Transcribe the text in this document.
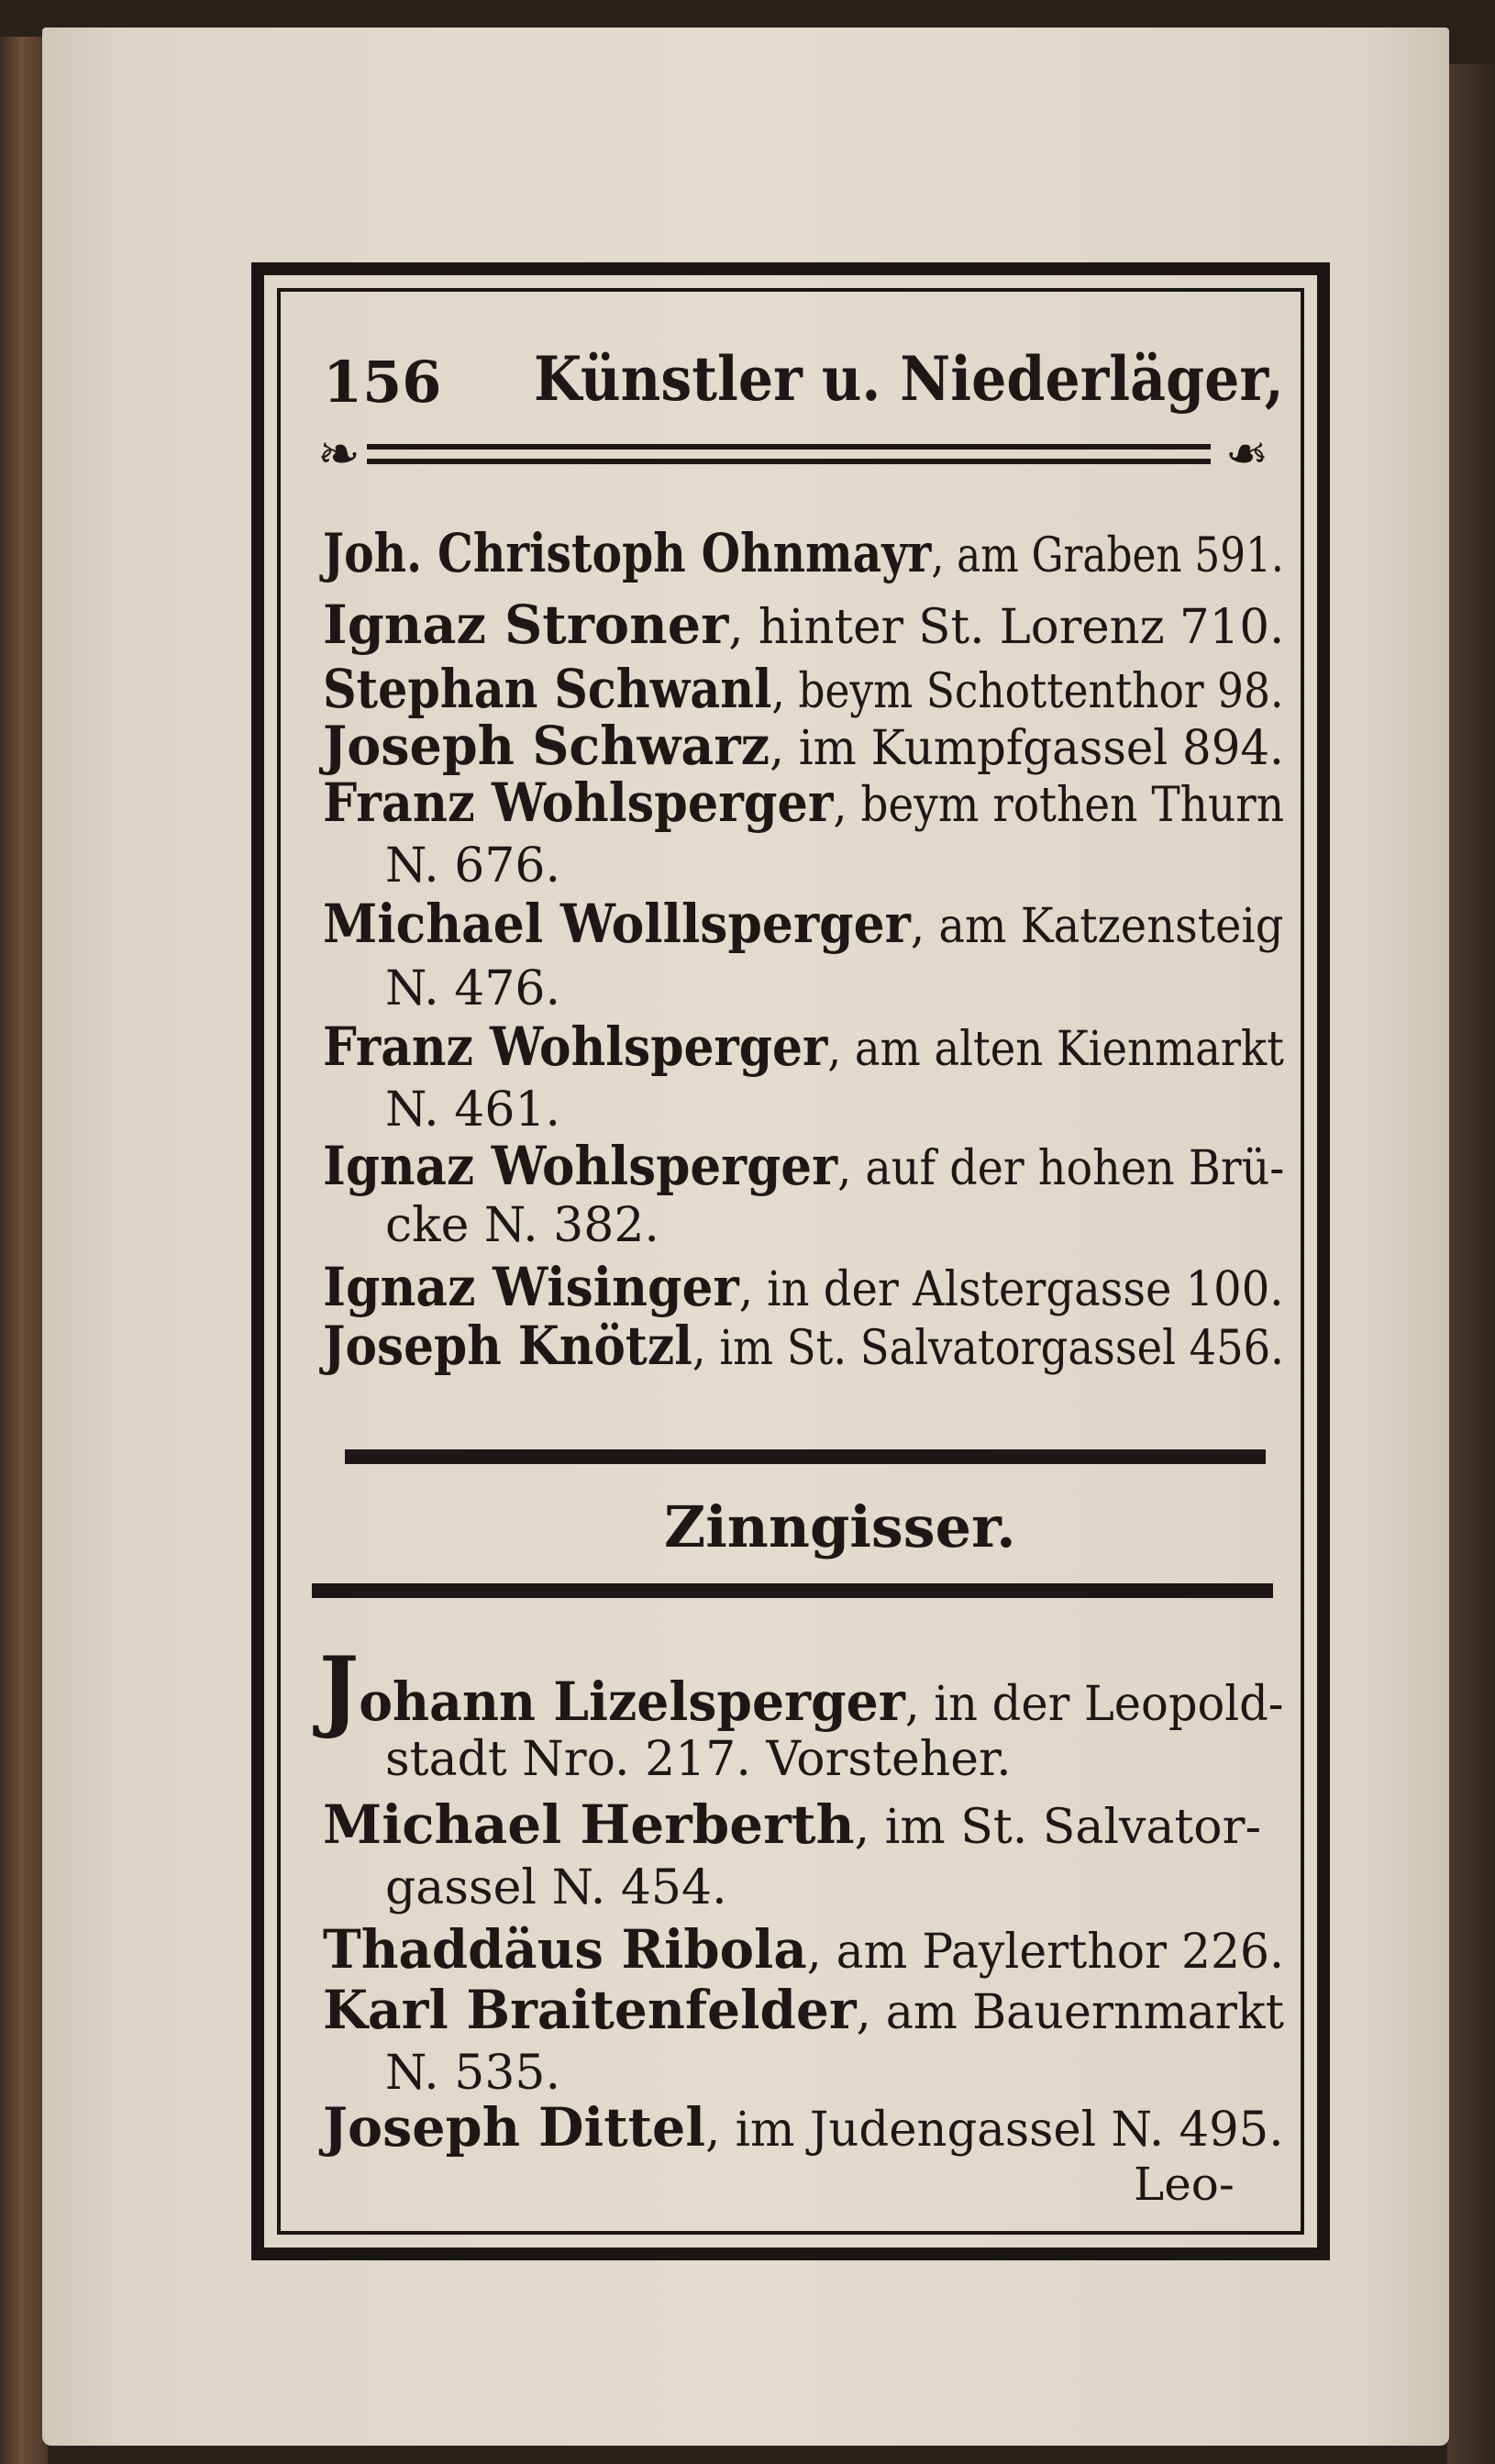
156 Künstler u. Niederläger,
❧	❧
Joh. Christoph Ohnmayr, am Graben 591.
Ignaz Stroner, hinter St. Lorenz 710.
Stephan Schwanl, beym Schottenthor 98.
Joseph Schwarz, im Kumpfgassel 894.
Franz Wohlsperger, beym rothen Thurn
N. 676.
Michael Wolllsperger, am Katzensteig
N. 476.
Franz Wohlsperger, am alten Kienmarkt
N. 461.
Ignaz Wohlsperger, auf der hohen Brü-
cke N. 382.
Ignaz Wisinger, in der Alstergasse 100.
Joseph Knötzl, im St. Salvatorgassel 456.
Zinngisser.
Johann Lizelsperger, in der Leopold-
stadt Nro. 217. Vorsteher.
Michael Herberth, im St. Salvator-
gassel N. 454.
Thaddäus Ribola, am Paylerthor 226.
Karl Braitenfelder, am Bauernmarkt
N. 535.
Joseph Dittel, im Judengassel N. 495.
Leo-
